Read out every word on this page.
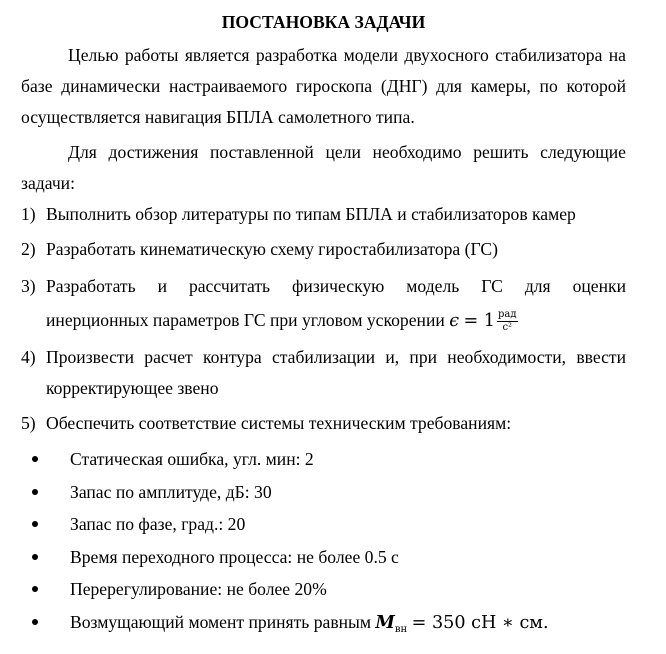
ПОСТАНОВКА ЗАДАЧИ
Целью работы является разработка модели двухосного стабилизатора на базе динамически настраиваемого гироскопа (ДНГ) для камеры, по которой осуществляется навигация БПЛА самолетного типа.
Для достижения поставленной цели необходимо решить следующие задачи:
1) Выполнить обзор литературы по типам БПЛА и стабилизаторов камер
2) Разработать кинематическую схему гиростабилизатора (ГС)
3) Разработать и рассчитать физическую модель ГС для оценки
инерционных параметров ГС при угловом ускорении $\epsilon = 1 \frac{\text{рад}}{\text{с²}}$
4) Произвести расчет контура стабилизации и, при необходимости, ввести корректирующее звено
5) Обеспечить соответствие системы техническим требованиям:
Статическая ошибка, угл. мин: 2
Запас по амплитуде, дБ: 30
Запас по фазе, град.: 20
Время переходного процесса: не более 0.5 с
Перерегулирование: не более 20%
Возмущающий момент принять равным $M_{вн} = 350$ сН ∗ см.
